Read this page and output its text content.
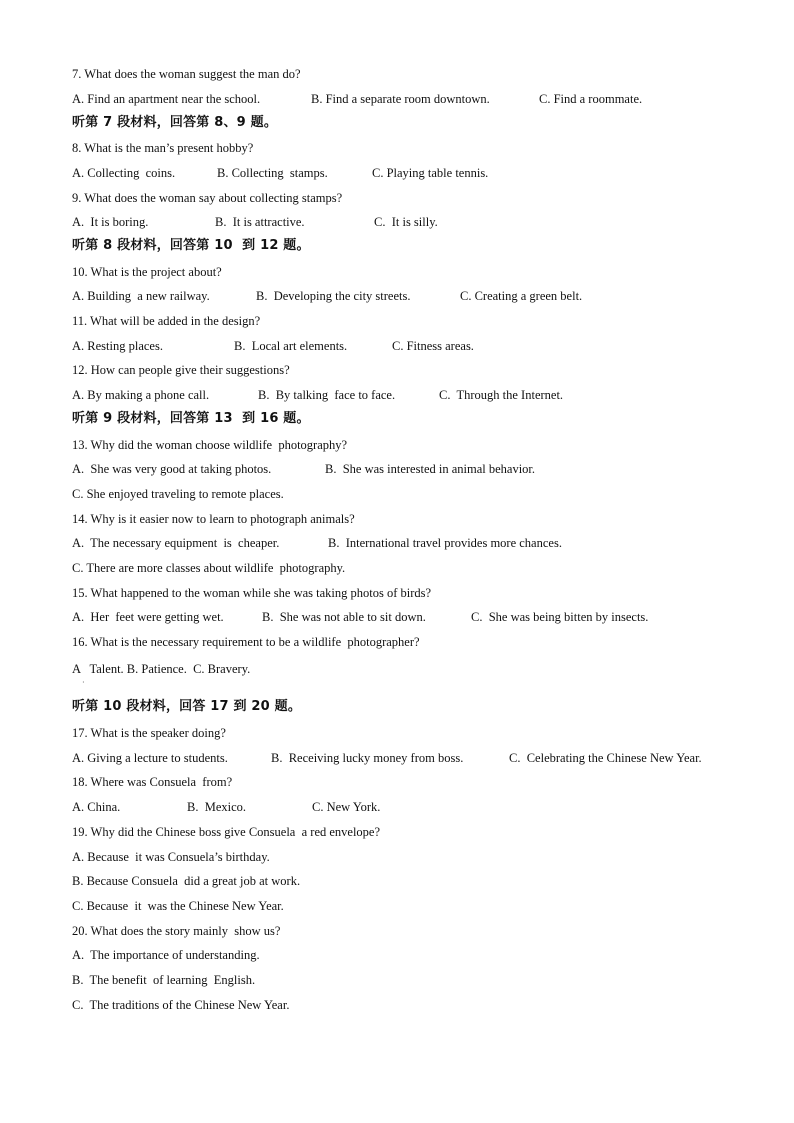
7. What does the woman suggest the man do?

A. Find an apartment near the school.

	B. Find a separate room downtown.

	C. Find a roommate.

听第 7 段材料，回答第 8、9 题。
8. What is the man’s present hobby?

A. Collecting  coins.

	B. Collecting  stamps.

	C. Playing table tennis.

9. What does the woman say about collecting stamps?

A.  It is boring.

	B.  It is attractive.

	C.  It is silly.

听第 8 段材料，回答第 10  到 12 题。
10. What is the project about?

A. Building  a new railway.

	B.  Developing the city streets.

	C. Creating a green belt.

11. What will be added in the design?

A. Resting places.

	B.  Local art elements.

	C. Fitness areas.

12. How can people give their suggestions?

A. By making a phone call.

	B.  By talking  face to face.

	C.  Through the Internet.

听第 9 段材料，回答第 13  到 16 题。
13. Why did the woman choose wildlife  photography?

A.  She was very good at taking photos.

	B.  She was interested in animal behavior.

C. She enjoyed traveling to remote places.
14. Why is it easier now to learn to photograph animals?

A.  The necessary equipment  is  cheaper.

	B.  International travel provides more chances.

C. There are more classes about wildlife  photography.
15. What happened to the woman while she was taking photos of birds?

A.  Her  feet were getting wet.

	B.  She was not able to sit down.

	C.  She was being bitten by insects.

16. What is the necessary requirement to be a wildlife  photographer?
A   Talent. B. Patience.  C. Bravery.
·
听第 10 段材料，回答 17 到 20 题。
17. What is the speaker doing?

A. Giving a lecture to students.

	B.  Receiving lucky money from boss.

	C.  Celebrating the Chinese New Year.

18. Where was Consuela  from?

A. China.

	B.  Mexico.

	C. New York.

19. Why did the Chinese boss give Consuela  a red envelope?
A. Because  it was Consuela’s birthday.
B. Because Consuela  did a great job at work.
C. Because  it  was the Chinese New Year.
20. What does the story mainly  show us?
A.  The importance of understanding.
B.  The benefit  of learning  English.
C.  The traditions of the Chinese New Year.
